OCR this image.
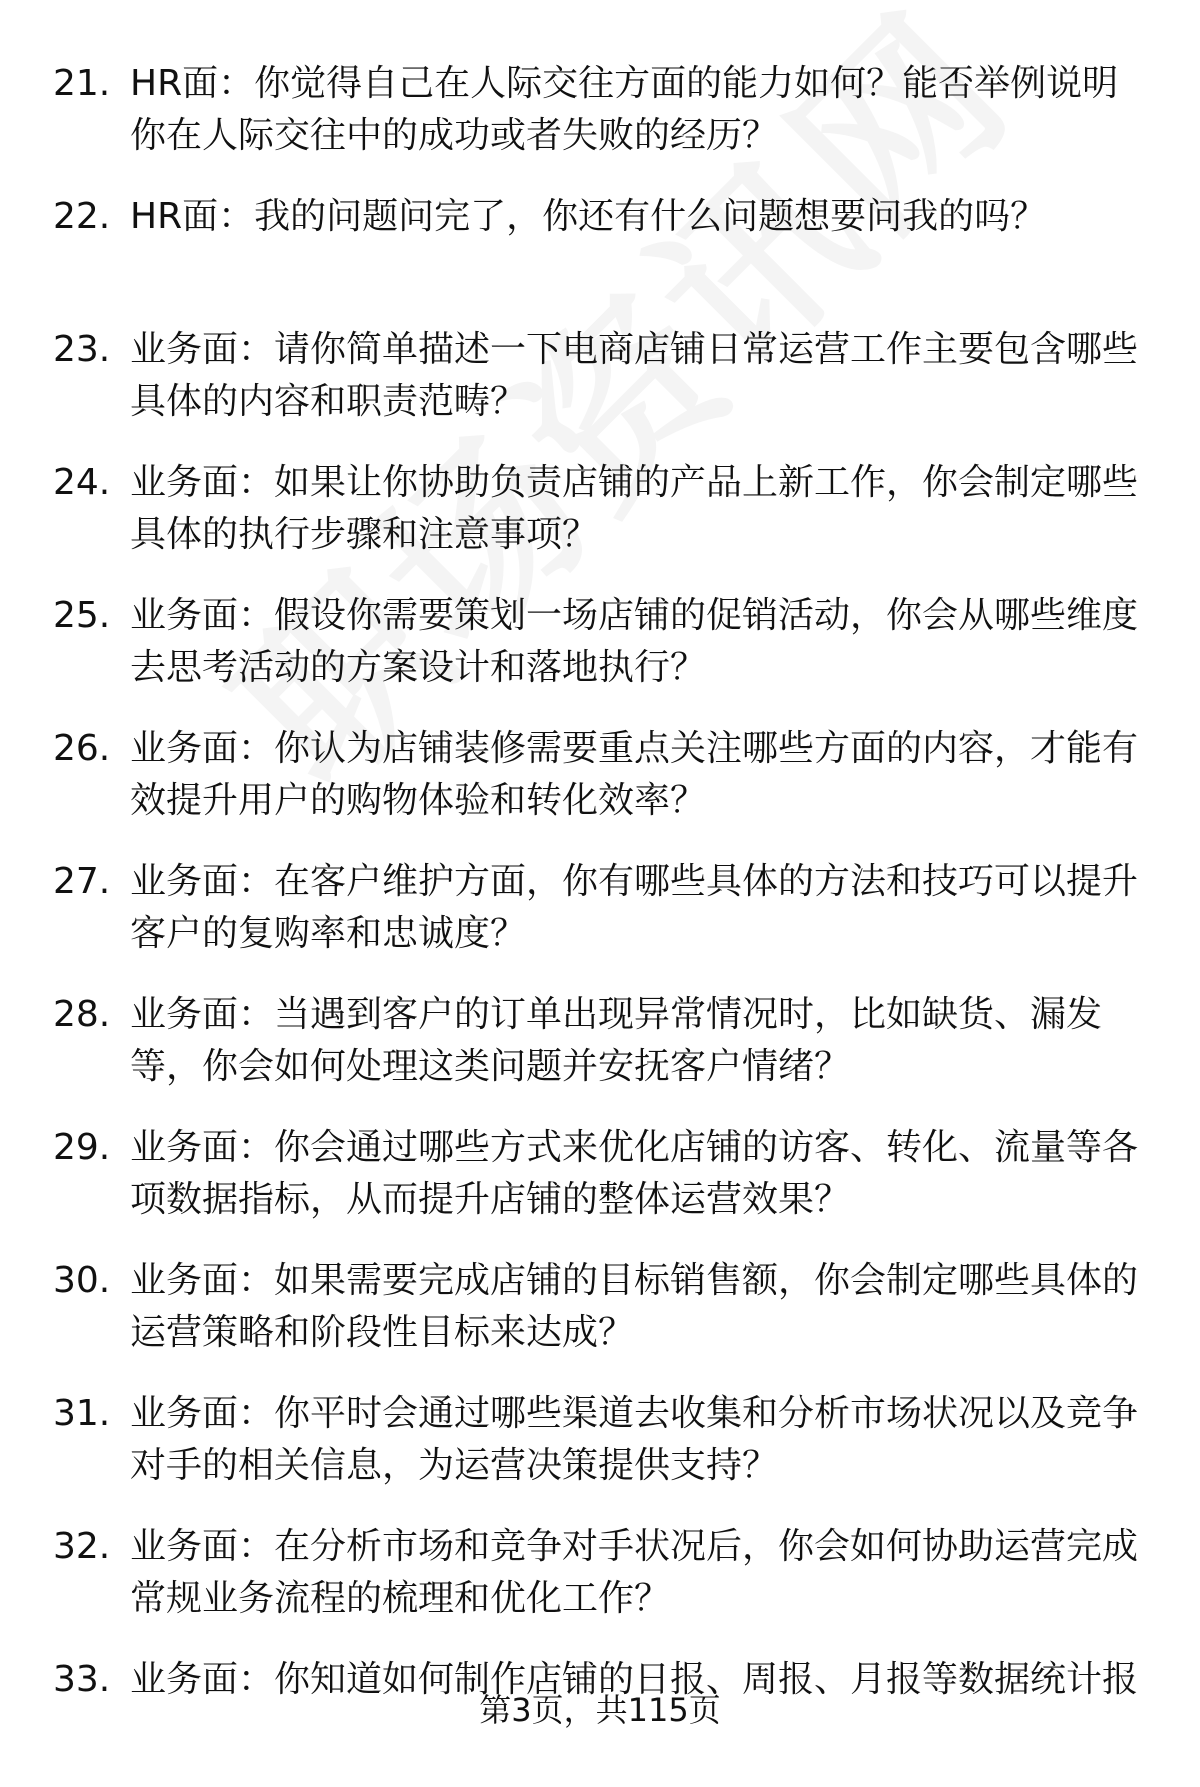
21. HR面：你觉得自己在人际交往方面的能力如何？能否举例说明你在人际交往中的成功或者失败的经历？
22. HR面：我的问题问完了，你还有什么问题想要问我的吗？
23. 业务面：请你简单描述一下电商店铺日常运营工作主要包含哪些具体的内容和职责范畴？
24. 业务面：如果让你协助负责店铺的产品上新工作，你会制定哪些具体的执行步骤和注意事项？
25. 业务面：假设你需要策划一场店铺的促销活动，你会从哪些维度去思考活动的方案设计和落地执行？
26. 业务面：你认为店铺装修需要重点关注哪些方面的内容，才能有效提升用户的购物体验和转化效率？
27. 业务面：在客户维护方面，你有哪些具体的方法和技巧可以提升客户的复购率和忠诚度？
28. 业务面：当遇到客户的订单出现异常情况时，比如缺货、漏发等，你会如何处理这类问题并安抚客户情绪？
29. 业务面：你会通过哪些方式来优化店铺的访客、转化、流量等各项数据指标，从而提升店铺的整体运营效果？
30. 业务面：如果需要完成店铺的目标销售额，你会制定哪些具体的运营策略和阶段性目标来达成？
31. 业务面：你平时会通过哪些渠道去收集和分析市场状况以及竞争对手的相关信息，为运营决策提供支持？
32. 业务面：在分析市场和竞争对手状况后，你会如何协助运营完成常规业务流程的梳理和优化工作？
33. 业务面：你知道如何制作店铺的日报、周报、月报等数据统计报
第3页，共115页
